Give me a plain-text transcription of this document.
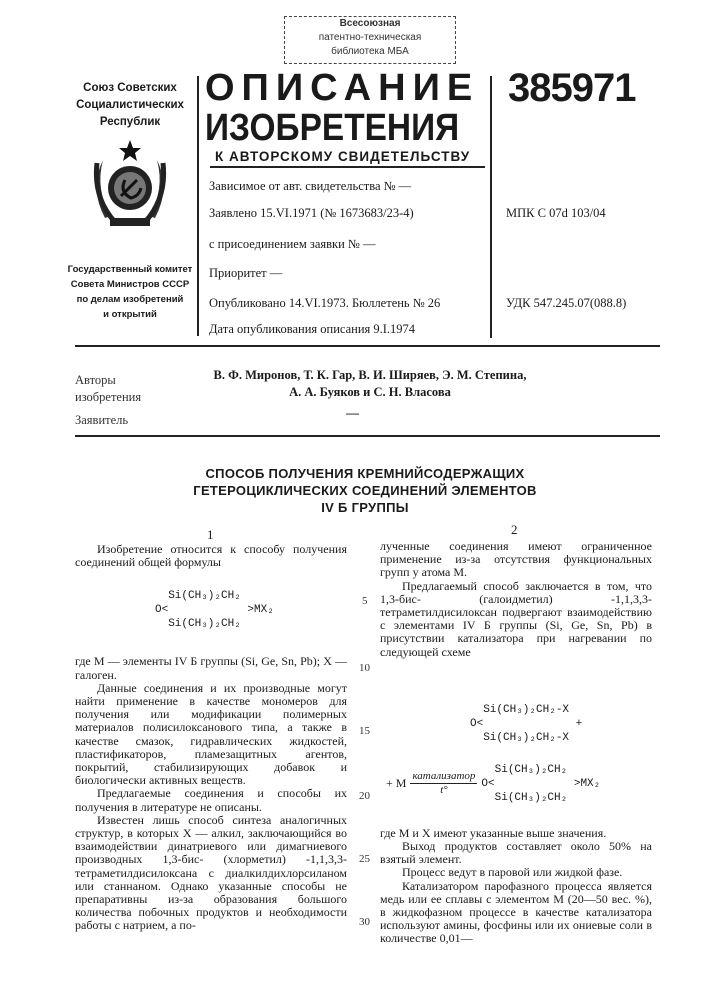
Всесоюзная
патентно-техническая
библиотека МБА
Союз Советских
Социалистических
Республик
Государственный комитет
Совета Министров СССР
по делам изобретений
и открытий
ОПИСАНИЕ
ИЗОБРЕТЕНИЯ
К АВТОРСКОМУ СВИДЕТЕЛЬСТВУ
Зависимое от авт. свидетельства № —
Заявлено 15.VI.1971 (№ 1673683/23-4)
с присоединением заявки № —
Приоритет —
Опубликовано 14.VI.1973. Бюллетень № 26
Дата опубликования описания 9.I.1974
385971
МПК C 07d 103/04
УДК 547.245.07(088.8)
Авторы
изобретения
В. Ф. Миронов, Т. К. Гар, В. И. Ширяев, Э. М. Степина,
А. А. Буяков и С. Н. Власова
Заявитель	—
СПОСОБ ПОЛУЧЕНИЯ КРЕМНИЙСОДЕРЖАЩИХ
ГЕТЕРОЦИКЛИЧЕСКИХ СОЕДИНЕНИЙ ЭЛЕМЕНТОВ
IV Б ГРУППЫ
1	2

Изобретение относится к способу получения соединений общей формулы

Si(CH₃)₂CH₂
O<            >MX₂
Si(CH₃)₂CH₂

где M — элементы IV Б группы (Si, Ge, Sn, Pb); X — галоген.

Данные соединения и их производные могут найти применение в качестве мономеров для получения или модификации полимерных материалов полисилоксанового типа, а также в качестве смазок, гидравлических жидкостей, пластификаторов, пламезащитных агентов, покрытий, стабилизирующих добавок и биологически активных веществ.

Предлагаемые соединения и способы их получения в литературе не описаны.

Известен лишь способ синтеза аналогичных структур, в которых X — алкил, заключающийся во взаимодействии динатриевого или димагниевого производных 1,3-бис- (хлорметил) -1,1,3,3-тетраметилдисилоксана с диалкилдихлорсиланом или станнаном. Однако указанные способы не препаративны из-за образования большого количества побочных продуктов и необходимости работы с натрием, а по-

5
10
15
20
25
30

лученные соединения имеют ограниченное применение из-за отсутствия функциональных групп у атома M.

Предлагаемый способ заключается в том, что 1,3-бис- (галоидметил) -1,1,3,3-тетраметилдисилоксан подвергают взаимодействию с элементами IV Б группы (Si, Ge, Sn, Pb) в присутствии катализатора при нагревании по следующей схеме

Si(CH₃)₂CH₂-X
O<              +
Si(CH₃)₂CH₂-X
+ M
катализатор
t°
Si(CH₃)₂CH₂
O<            >MX₂
Si(CH₃)₂CH₂

где M и X имеют указанные выше значения.

Выход продуктов составляет около 50% на взятый элемент.

Процесс ведут в паровой или жидкой фазе.

Катализатором парофазного процесса является медь или ее сплавы с элементом M (20—50 вес. %), в жидкофазном процессе в качестве катализатора используют амины, фосфины или их ониевые соли в количестве 0,01—
